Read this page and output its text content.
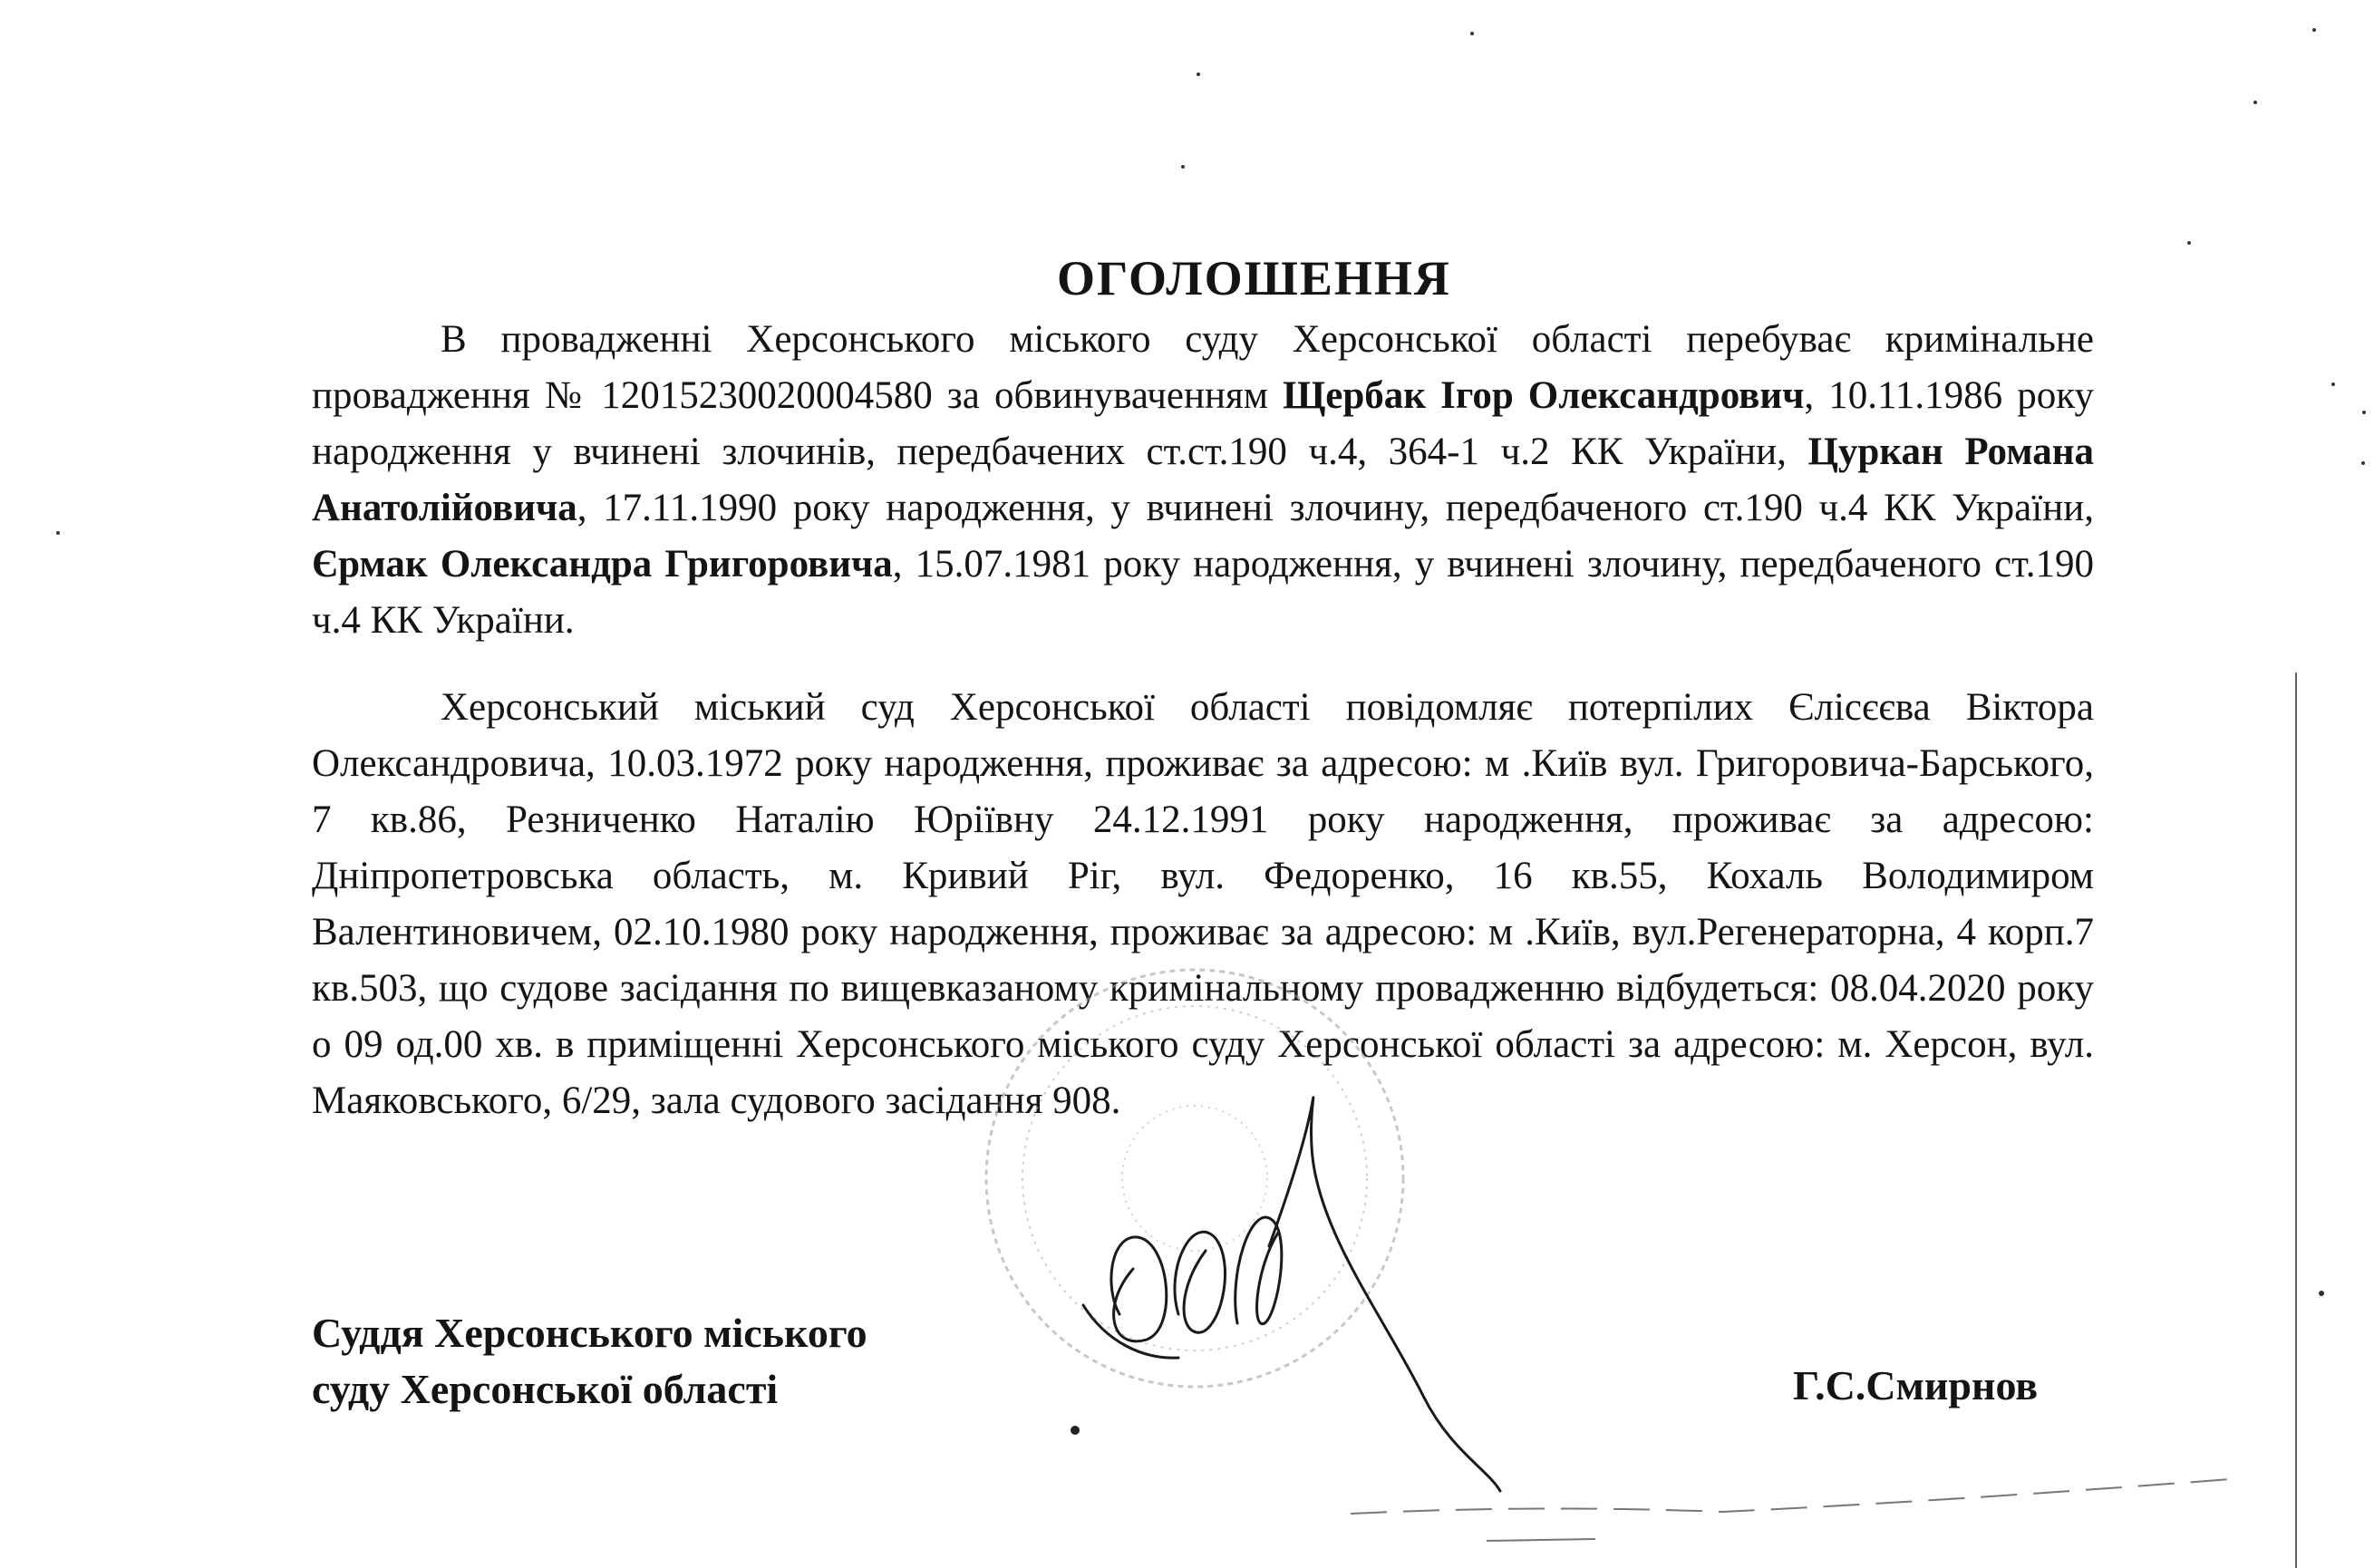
ОГОЛОШЕННЯ

В провадженні Херсонського міського суду Херсонської області перебуває кримінальне провадження № 12015230020004580 за обвинуваченням Щербак Ігор Олександрович, 10.11.1986 року народження у вчинені злочинів, передбачених ст.ст.190 ч.4, 364-1 ч.2 КК України, Цуркан Романа Анатолійовича, 17.11.1990 року народження, у вчинені злочину, передбаченого ст.190 ч.4 КК України, Єрмак Олександра Григоровича, 15.07.1981 року народження, у вчинені злочину, передбаченого ст.190 ч.4 КК України.

Херсонський міський суд Херсонської області повідомляє потерпілих Єлісєєва Віктора Олександровича, 10.03.1972 року народження, проживає за адресою: м .Київ вул. Григоровича-Барського, 7 кв.86, Резниченко Наталію Юріївну 24.12.1991 року народження, проживає за адресою: Дніпропетровська область, м. Кривий Ріг, вул. Федоренко, 16 кв.55, Кохаль Володимиром Валентиновичем, 02.10.1980 року народження, проживає за адресою: м .Київ, вул.Регенераторна, 4 корп.7 кв.503, що судове засідання по вищевказаному кримінальному провадженню відбудеться: 08.04.2020 року о 09 од.00 хв. в приміщенні Херсонського міського суду Херсонської області за адресою: м. Херсон, вул. Маяковського, 6/29, зала судового засідання 908.

Суддя Херсонського міського
суду Херсонської області	Г.С.Смирнов
